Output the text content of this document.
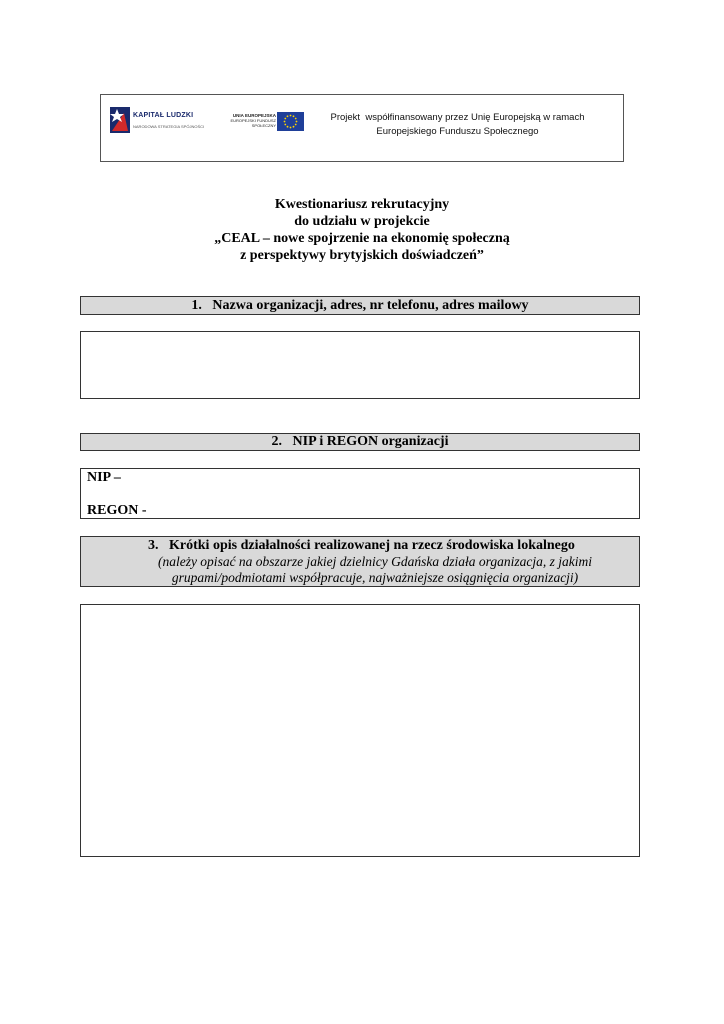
KAPITAŁ LUDZKI
NARODOWA STRATEGIA SPÓJNOŚCI
UNIA EUROPEJSKA
EUROPEJSKI FUNDUSZ SPOŁECZNY
Projekt  współfinansowany przez Unię Europejską w ramach
Europejskiego Funduszu Społecznego
Kwestionariusz rekrutacyjny
do udziału w projekcie
„CEAL – nowe spojrzenie na ekonomię społeczną
z perspektywy brytyjskich doświadczeń”
1.   Nazwa organizacji, adres, nr telefonu, adres mailowy
2.   NIP i REGON organizacji
NIP –
REGON -
3.   Krótki opis działalności realizowanej na rzecz środowiska lokalnego
(należy opisać na obszarze jakiej dzielnicy Gdańska działa organizacja, z jakimi
grupami/podmiotami współpracuje, najważniejsze osiągnięcia organizacji)
